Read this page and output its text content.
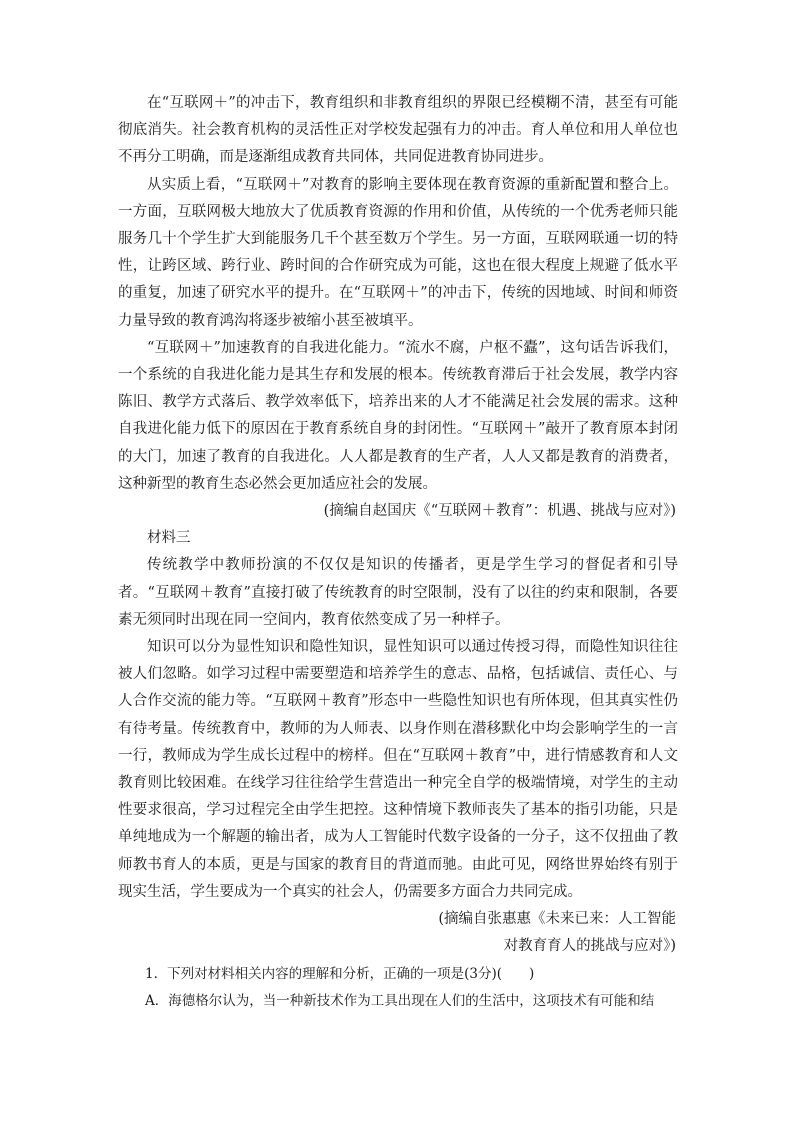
在“互联网＋”的冲击下，教育组织和非教育组织的界限已经模糊不清，甚至有可能彻底消失。社会教育机构的灵活性正对学校发起强有力的冲击。育人单位和用人单位也不再分工明确，而是逐渐组成教育共同体，共同促进教育协同进步。

从实质上看，“互联网＋”对教育的影响主要体现在教育资源的重新配置和整合上。一方面，互联网极大地放大了优质教育资源的作用和价值，从传统的一个优秀老师只能服务几十个学生扩大到能服务几千个甚至数万个学生。另一方面，互联网联通一切的特性，让跨区域、跨行业、跨时间的合作研究成为可能，这也在很大程度上规避了低水平的重复，加速了研究水平的提升。在“互联网＋”的冲击下，传统的因地域、时间和师资力量导致的教育鸿沟将逐步被缩小甚至被填平。

“互联网＋”加速教育的自我进化能力。“流水不腐，户枢不蠹”，这句话告诉我们，一个系统的自我进化能力是其生存和发展的根本。传统教育滞后于社会发展，教学内容陈旧、教学方式落后、教学效率低下，培养出来的人才不能满足社会发展的需求。这种自我进化能力低下的原因在于教育系统自身的封闭性。“互联网＋”敲开了教育原本封闭的大门，加速了教育的自我进化。人人都是教育的生产者，人人又都是教育的消费者，这种新型的教育生态必然会更加适应社会的发展。

(摘编自赵国庆《“互联网＋教育”：机遇、挑战与应对》)

材料三

传统教学中教师扮演的不仅仅是知识的传播者，更是学生学习的督促者和引导者。“互联网＋教育”直接打破了传统教育的时空限制，没有了以往的约束和限制，各要素无须同时出现在同一空间内，教育依然变成了另一种样子。

知识可以分为显性知识和隐性知识，显性知识可以通过传授习得，而隐性知识往往被人们忽略。如学习过程中需要塑造和培养学生的意志、品格，包括诚信、责任心、与人合作交流的能力等。“互联网＋教育”形态中一些隐性知识也有所体现，但其真实性仍有待考量。传统教育中，教师的为人师表、以身作则在潜移默化中均会影响学生的一言一行，教师成为学生成长过程中的榜样。但在“互联网＋教育”中，进行情感教育和人文教育则比较困难。在线学习往往给学生营造出一种完全自学的极端情境，对学生的主动性要求很高，学习过程完全由学生把控。这种情境下教师丧失了基本的指引功能，只是单纯地成为一个解题的输出者，成为人工智能时代数字设备的一分子，这不仅扭曲了教师教书育人的本质，更是与国家的教育目的背道而驰。由此可见，网络世界始终有别于现实生活，学生要成为一个真实的社会人，仍需要多方面合力共同完成。

(摘编自张惠惠《未来已来：人工智能

对教育育人的挑战与应对》)

1．下列对材料相关内容的理解和分析，正确的一项是(3分)(　　)

A．海德格尔认为，当一种新技术作为工具出现在人们的生活中，这项技术有可能和结
